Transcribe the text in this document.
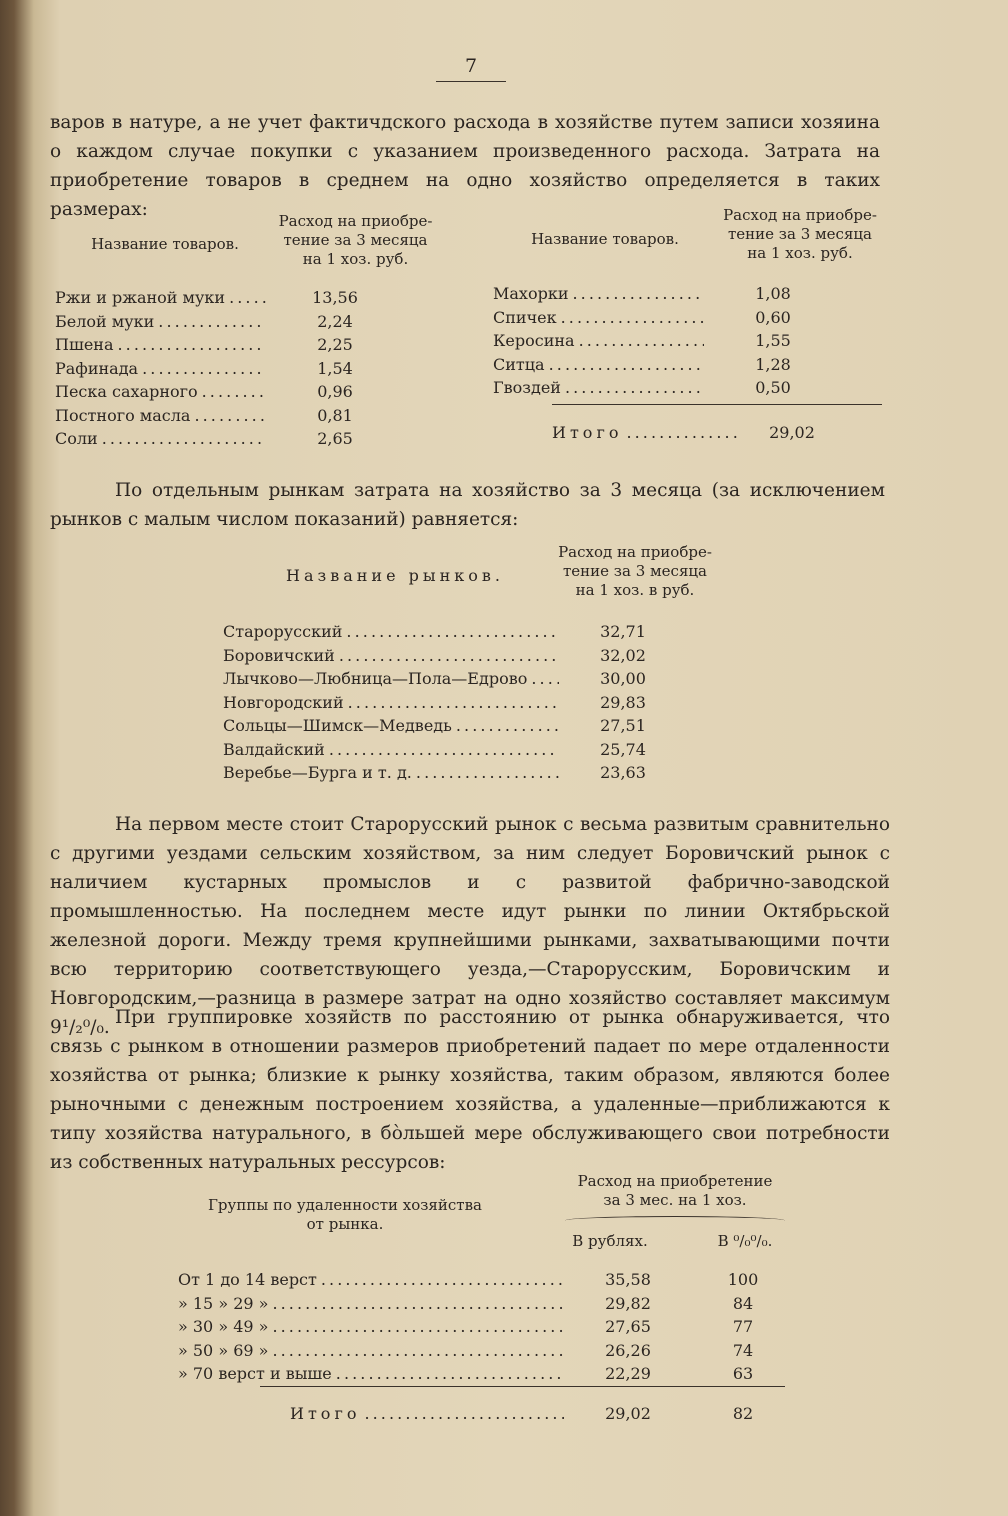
7

варов в натуре, а не учет фактичдского расхода в хозяйстве путем записи хозяина о каждом случае покупки с указанием произведенного расхода. Затрата на приобретение товаров в среднем на одно хозяйство определяется в таких размерах:

Название товаров.
Расход на приобре-
тение за 3 месяца
на 1 хоз. руб.
Название товаров.
Расход на приобре-
тение за 3 месяца
на 1 хоз. руб.
Ржи и ржаной муки . . .	13,56
Белой муки . . .	2,24
Пшена . . .	2,25
Рафинада . . .	1,54
Песка сахарного . . .	0,96
Постного масла . . .	0,81
Соли . . .	2,65
Махорки . . .	1,08
Спичек . . .	0,60
Керосина . . .	1,55
Ситца . . .	1,28
Гвоздей . . .	0,50
Итого . . .	29,02

По отдельным рынкам затрата на хозяйство за 3 месяца (за исключением рынков с малым числом показаний) равняется:

Название рынков.
Расход на приобре-
тение за 3 месяца
на 1 хоз. в руб.
Старорусский . . .	32,71
Боровичский . . .	32,02
Лычково—Любница—Пола—Едрово . . .	30,00
Новгородский . . .	29,83
Сольцы—Шимск—Медведь . . .	27,51
Валдайский . . .	25,74
Веребье—Бурга и т. д. . . .	23,63

На первом месте стоит Старорусский рынок с весьма развитым сравнительно с другими уездами сельским хозяйством, за ним следует Боровичский рынок с наличием кустарных промыслов и с развитой фабрично-заводской промышленностью. На последнем месте идут рынки по линии Октябрьской железной дороги. Между тремя крупнейшими рынками, захватывающими почти всю территорию соответствующего уезда,—Старорусским, Боровичским и Новгородским,—разница в размере затрат на одно хозяйство составляет максимум 9¹/₂⁰/₀. При группировке хозяйств по расстоянию от рынка обнаруживается, что связь с рынком в отношении размеров приобретений падает по мере отдаленности хозяйства от рынка; близкие к рынку хозяйства, таким образом, являются более рыночными с денежным построением хозяйства, а удаленные—приближаются к типу хозяйства натурального, в бо̀льшей мере обслуживающего свои потребности из собственных натуральных рессурсов:

Группы по удаленности хозяйства
от рынка.
Расход на приобретение
за 3 мес. на 1 хоз.
В рублях.	В ⁰/₀⁰/₀.
От 1 до 14 верст . . .	35,58	100
» 15 » 29 » . . .	29,82	84
» 30 » 49 » . . .	27,65	77
» 50 » 69 » . . .	26,26	74
» 70 верст и выше . . .	22,29	63
Итого . . .	29,02	82
